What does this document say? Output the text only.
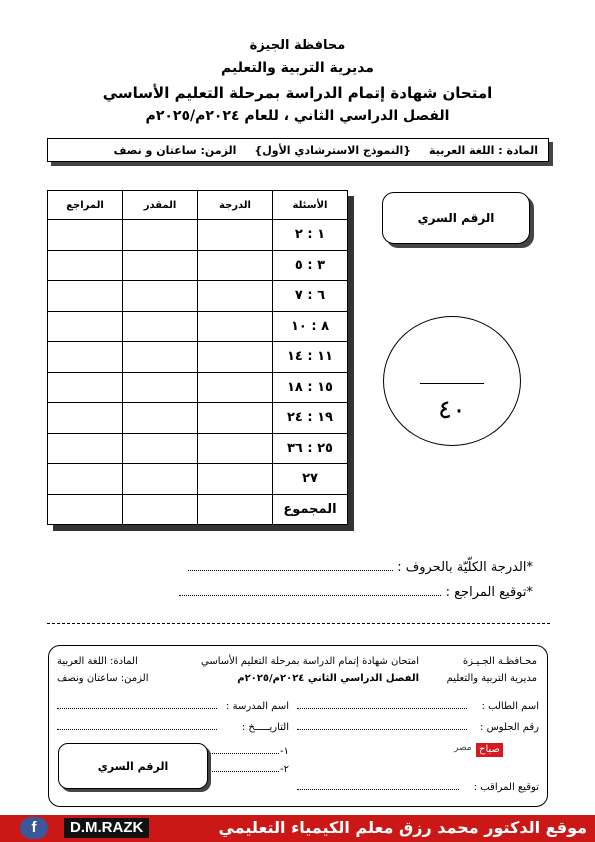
محافظة الجيزة
مديرية التربية والتعليم
امتحان شهادة إتمام الدراسة بمرحلة التعليم الأساسي
الفصل الدراسي الثاني ، للعام ٢٠٢٤م/٢٠٢٥م
المادة : اللغة العربية
{النموذج الاسترشادي الأول}
الزمن: ساعتان و نصف
الأسئلة	الدرجة	المقدر	المراجع
١ : ٢			
٣ : ٥			
٦ : ٧			
٨ : ١٠			
١١ : ١٤			
١٥ : ١٨			
١٩ : ٢٤			
٢٥ : ٣٦			
٢٧			
المجموع			
الرقم السري
٤٠
*الدرجة الكلّيّة بالحروف :
*توقيع المراجع :
محـافظـة الجـيـزة
مديرية التربية والتعليم
امتحان شهادة إتمام الدراسة بمرحلة التعليم الأساسي
الفصل الدراسي الثاني ٢٠٢٤م/٢٠٢٥م
المادة: اللغة العربية
الزمن: ساعتان ونصف
اسم الطالب :
اسم المدرسة :
رقم الجلوس :
التاريـــــخ :
١-
٢-
توقيع المراقب :
الرقم السري
صباح
مصر
موقع الدكتور محمد رزق معلم الكيمياء التعليمي
D.M.RAZK
f
